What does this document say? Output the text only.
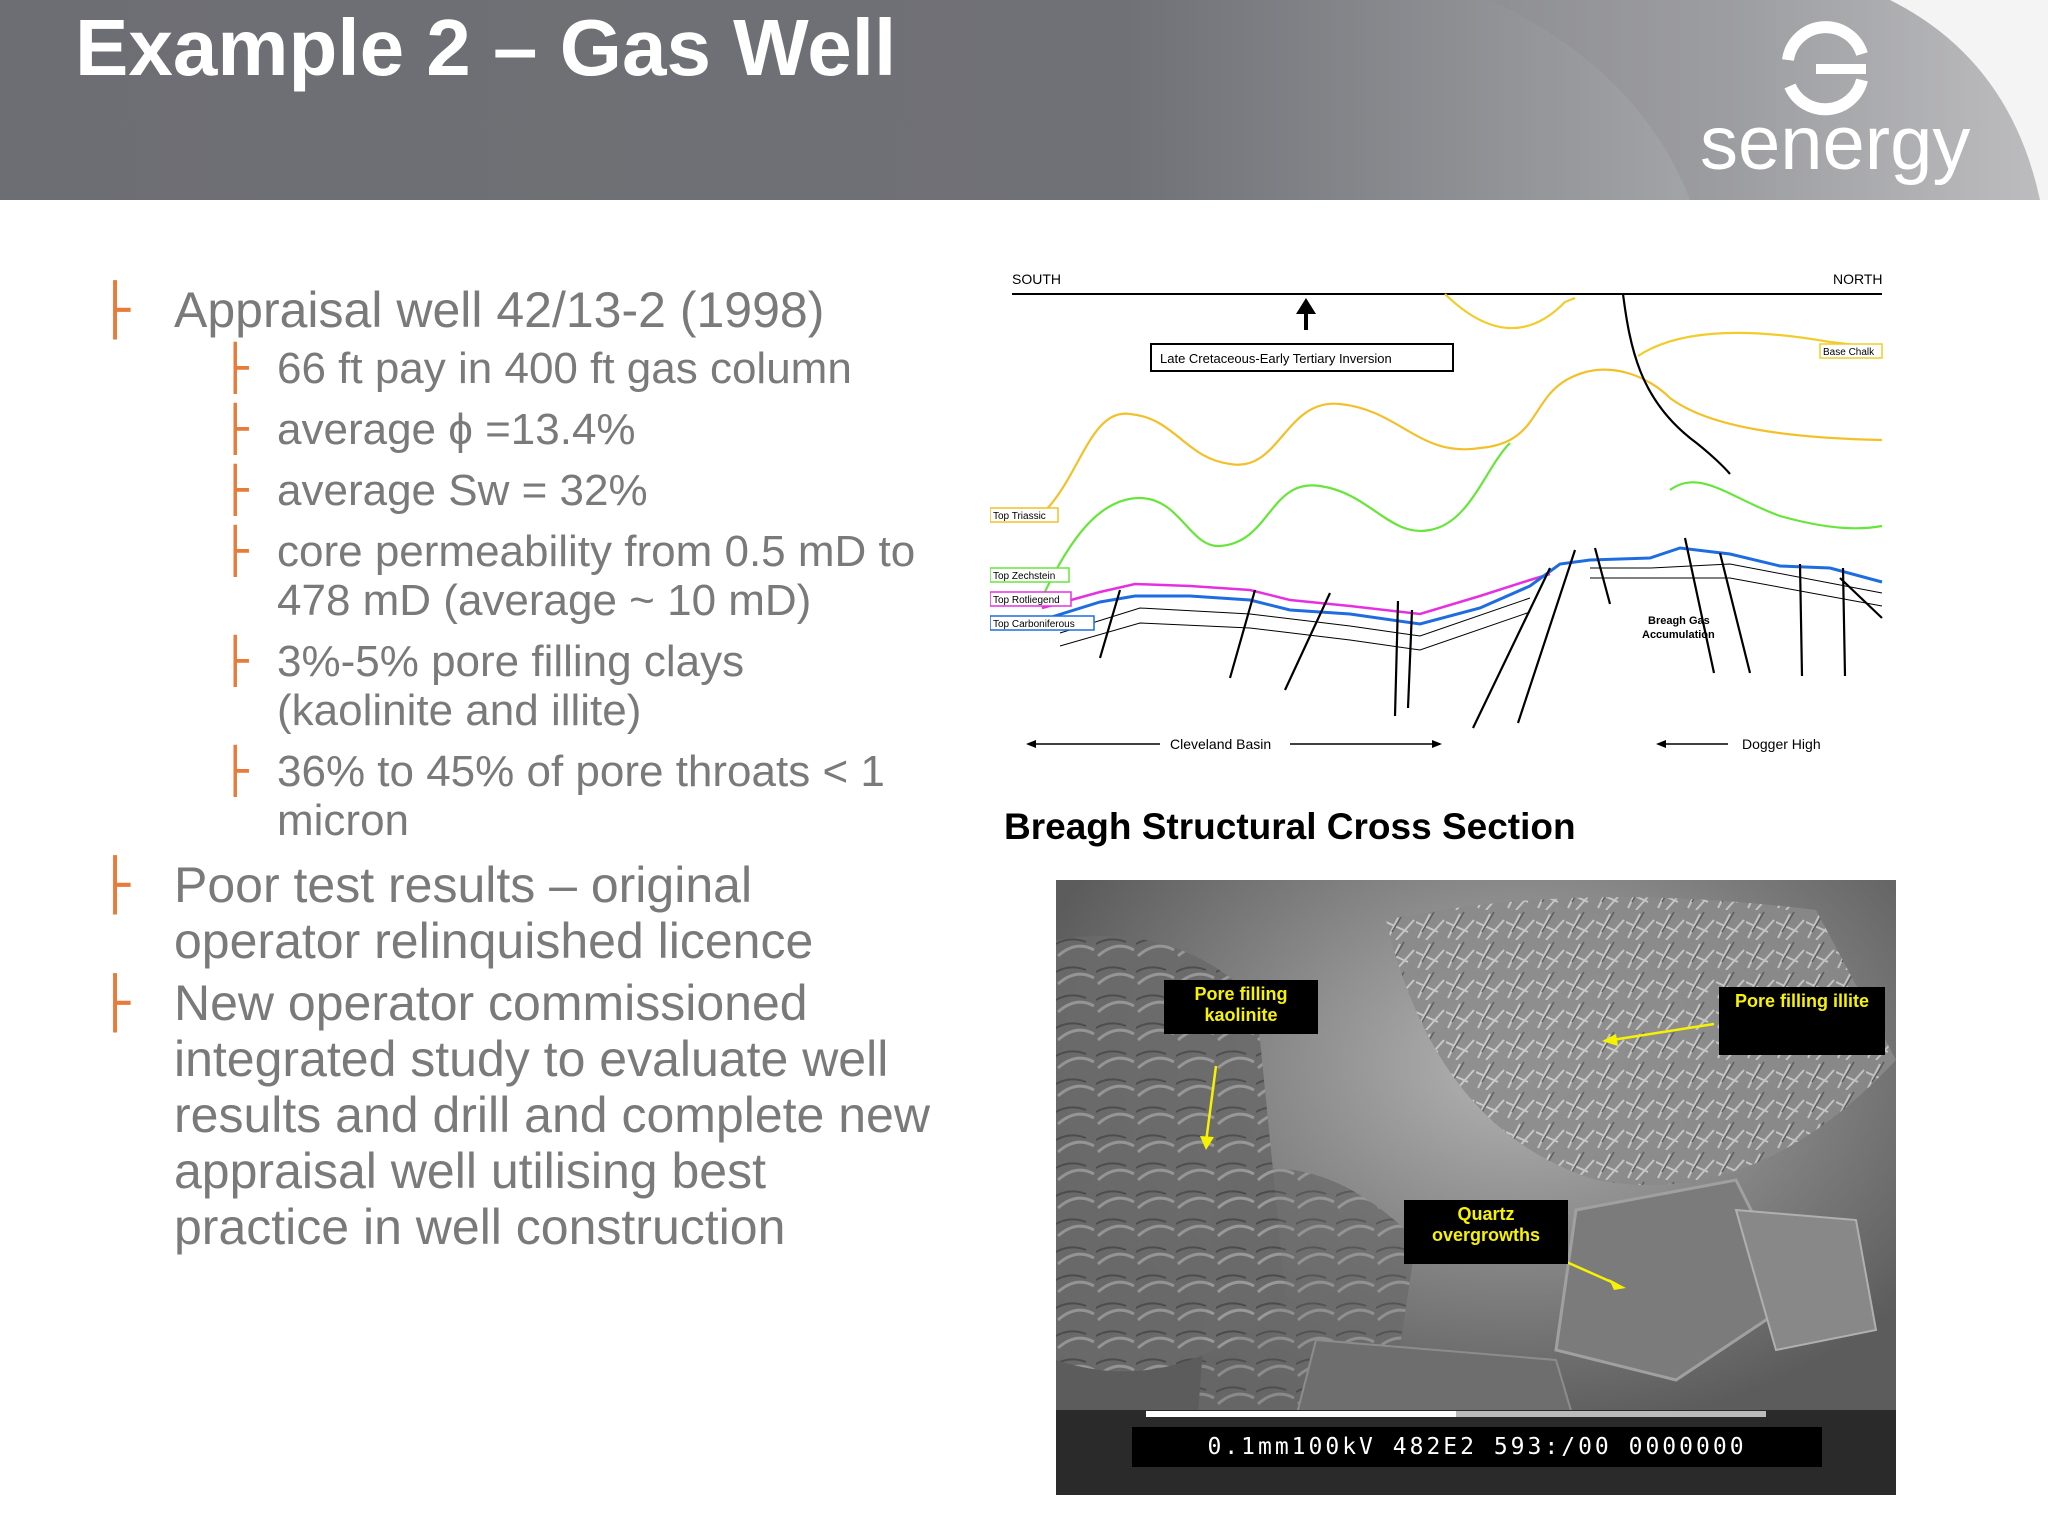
Example 2 – Gas Well
senergy
├ Appraisal well 42/13-2 (1998)
├ 66 ft pay in 400 ft gas column
├ average ϕ =13.4%
├ average Sw = 32%
├ core permeability from 0.5 mD to 478 mD (average ~ 10 mD)
├ 3%-5% pore filling clays (kaolinite and illite)
├ 36% to 45% of pore throats < 1 micron
├ Poor test results – original operator relinquished licence
├ New operator commissioned integrated study to evaluate well results and drill and complete new appraisal well utilising best practice in well construction
SOUTH	NORTH
Late Cretaceous-Early Tertiary Inversion	Base Chalk
Top Triassic
Top Zechstein
Top Rotliegend
Top Carboniferous	Breagh Gas
Accumulation
Cleveland Basin	Dogger High
Breagh Structural Cross Section
Pore filling
kaolinite
Pore filling illite
Quartz
overgrowths
0.1mm100kV 482E2 593:/00 0000000
